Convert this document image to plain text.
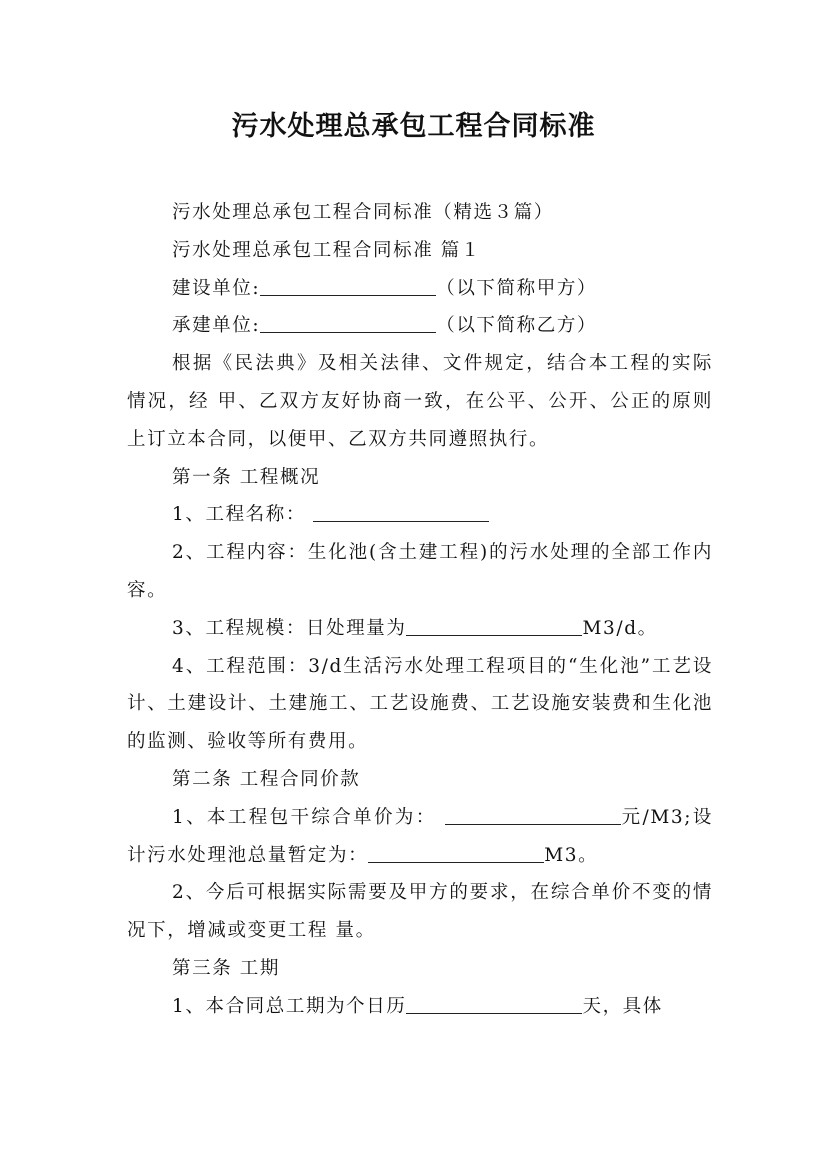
污水处理总承包工程合同标准

污水处理总承包工程合同标准（精选３篇）

污水处理总承包工程合同标准 篇１

建设单位:	（以下简称甲方）

承建单位:	（以下简称乙方）

根据《民法典》及相关法律、文件规定，结合本工程的实际情况，经 甲、乙双方友好协商一致，在公平、公开、公正的原则上订立本合同，以便甲、乙双方共同遵照执行。

第一条 工程概况

1、工程名称：

2、工程内容：生化池(含土建工程)的污水处理的全部工作内容。

3、工程规模：日处理量为	M3/d。

4、工程范围：3/d生活污水处理工程项目的“生化池”工艺设计、土建设计、土建施工、工艺设施费、工艺设施安装费和生化池的监测、验收等所有费用。

第二条 工程合同价款

1、本工程包干综合单价为：	元/M3;设计污水处理池总量暂定为：	M3。

2、今后可根据实际需要及甲方的要求，在综合单价不变的情况下，增减或变更工程 量。

第三条 工期

1、本合同总工期为个日历	天，具体
